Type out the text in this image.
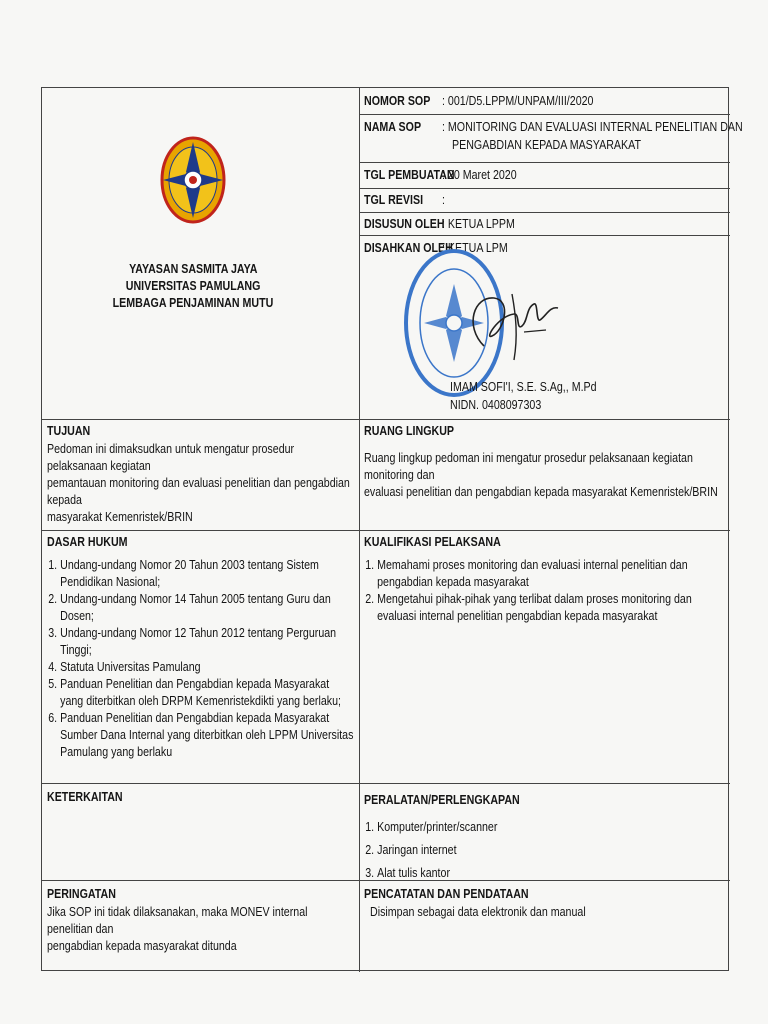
YAYASAN SASMITA JAYA
UNIVERSITAS PAMULANG
LEMBAGA PENJAMINAN MUTU
NOMOR SOP : 001/D5.LPPM/UNPAM/III/2020
NAMA SOP : MONITORING DAN EVALUASI INTERNAL PENELITIAN DAN
PENGABDIAN KEPADA MASYARAKAT
TGL PEMBUATAN
: 20 Maret 2020
TGL REVISI :
DISUSUN OLEH
: KETUA LPPM
DISAHKAN OLEH
: KETUA LPM
IMAM SOFI'I, S.E. S.Ag,, M.Pd
NIDN. 0408097303
TUJUAN
Pedoman ini dimaksudkan untuk mengatur prosedur pelaksanaan kegiatan
pemantauan monitoring dan evaluasi penelitian dan pengabdian kepada
masyarakat Kemenristek/BRIN
RUANG LINGKUP
Ruang lingkup pedoman ini mengatur prosedur pelaksanaan kegiatan monitoring dan
evaluasi penelitian dan pengabdian kepada masyarakat Kemenristek/BRIN
DASAR HUKUM
1. Undang-undang Nomor 20 Tahun 2003 tentang Sistem Pendidikan Nasional;
2. Undang-undang Nomor 14 Tahun 2005 tentang Guru dan Dosen;
3. Undang-undang Nomor 12 Tahun 2012 tentang Perguruan Tinggi;
4. Statuta Universitas Pamulang
5. Panduan Penelitian dan Pengabdian kepada Masyarakat yang diterbitkan oleh DRPM Kemenristekdikti yang berlaku;
6. Panduan Penelitian dan Pengabdian kepada Masyarakat Sumber Dana Internal yang diterbitkan oleh LPPM Universitas Pamulang yang berlaku
KUALIFIKASI PELAKSANA
1. Memahami proses monitoring dan evaluasi internal penelitian dan pengabdian kepada masyarakat
2. Mengetahui pihak-pihak yang terlibat dalam proses monitoring dan evaluasi internal penelitian pengabdian kepada masyarakat
KETERKAITAN	PERALATAN/PERLENGKAPAN
1. Komputer/printer/scanner
2. Jaringan internet
3. Alat tulis kantor
PERINGATAN
Jika SOP ini tidak dilaksanakan, maka MONEV internal penelitian dan
pengabdian kepada masyarakat ditunda
PENCATATAN DAN PENDATAAN
Disimpan sebagai data elektronik dan manual
